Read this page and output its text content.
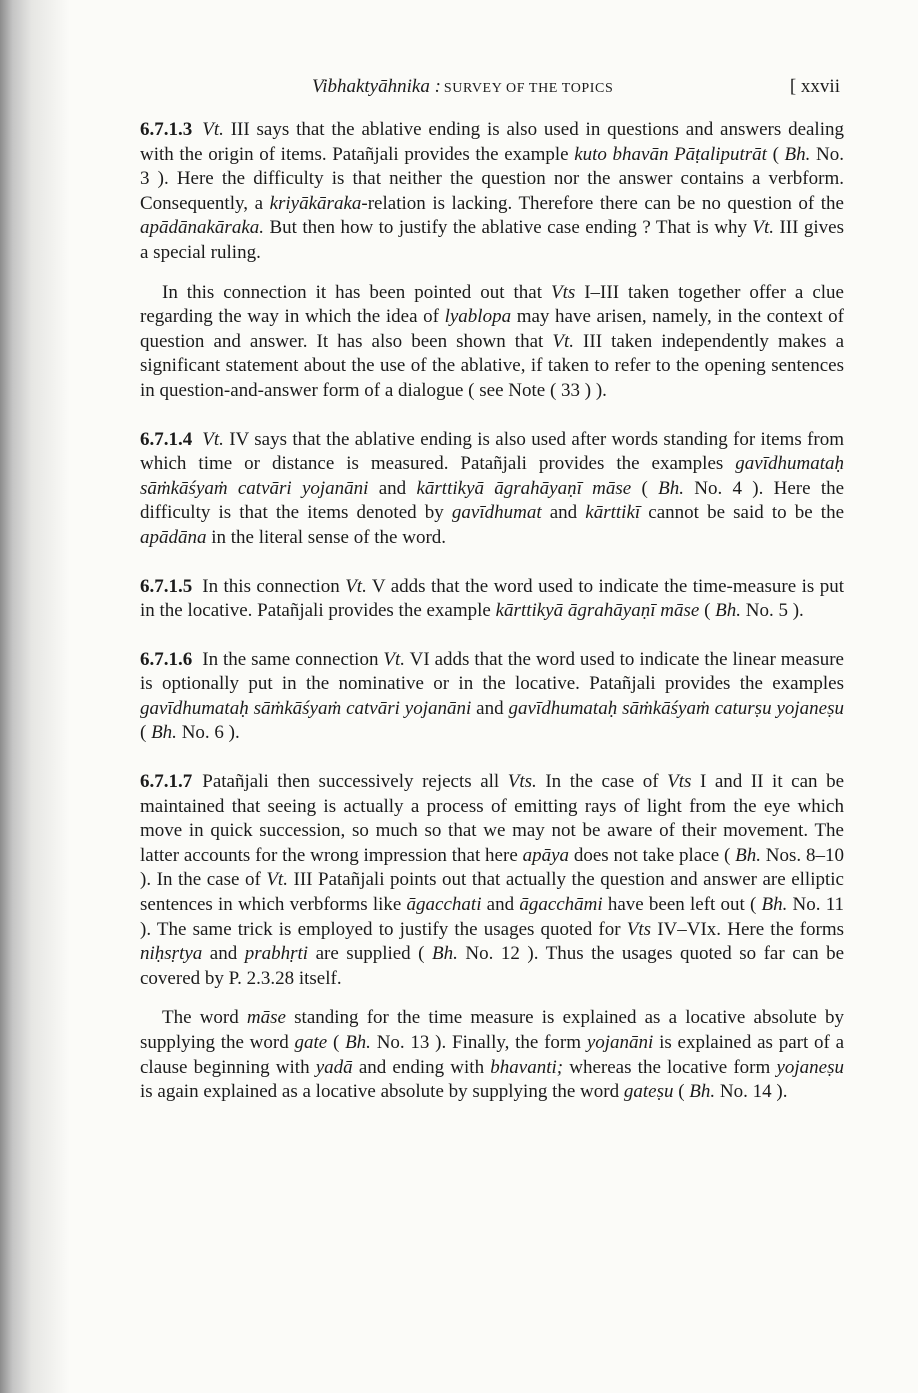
Vibhaktyāhnika : SURVEY OF THE TOPICS	[ xxvii

6.7.1.3 Vt. III says that the ablative ending is also used in questions and answers dealing with the origin of items. Patañjali provides the example kuto bhavān Pāṭaliputrāt ( Bh. No. 3 ). Here the difficulty is that neither the question nor the answer contains a verbform. Consequently, a kriyākāraka-relation is lacking. Therefore there can be no question of the apādānakāraka. But then how to justify the ablative case ending ? That is why Vt. III gives a special ruling.

In this connection it has been pointed out that Vts I–III taken together offer a clue regarding the way in which the idea of lyablopa may have arisen, namely, in the context of question and answer. It has also been shown that Vt. III taken independently makes a significant statement about the use of the ablative, if taken to refer to the opening sentences in question-and-answer form of a dialogue ( see Note ( 33 ) ).

6.7.1.4 Vt. IV says that the ablative ending is also used after words standing for items from which time or distance is measured. Patañjali provides the examples gavīdhumataḥ sāṁkāśyaṁ catvāri yojanāni and kārttikyā āgrahāyaṇī māse ( Bh. No. 4 ). Here the difficulty is that the items denoted by gavīdhumat and kārttikī cannot be said to be the apādāna in the literal sense of the word.

6.7.1.5 In this connection Vt. V adds that the word used to indicate the time-measure is put in the locative. Patañjali provides the example kārttikyā āgrahāyaṇī māse ( Bh. No. 5 ).

6.7.1.6 In the same connection Vt. VI adds that the word used to indicate the linear measure is optionally put in the nominative or in the locative. Patañjali provides the examples gavīdhumataḥ sāṁkāśyaṁ catvāri yojanāni and gavīdhumataḥ sāṁkāśyaṁ caturṣu yojaneṣu ( Bh. No. 6 ).

6.7.1.7 Patañjali then successively rejects all Vts. In the case of Vts I and II it can be maintained that seeing is actually a process of emitting rays of light from the eye which move in quick succession, so much so that we may not be aware of their movement. The latter accounts for the wrong impression that here apāya does not take place ( Bh. Nos. 8–10 ). In the case of Vt. III Patañjali points out that actually the question and answer are elliptic sentences in which verbforms like āgacchati and āgacchāmi have been left out ( Bh. No. 11 ). The same trick is employed to justify the usages quoted for Vts IV–VIx. Here the forms niḥsṛtya and prabhṛti are supplied ( Bh. No. 12 ). Thus the usages quoted so far can be covered by P. 2.3.28 itself.

The word māse standing for the time measure is explained as a locative absolute by supplying the word gate ( Bh. No. 13 ). Finally, the form yojanāni is explained as part of a clause beginning with yadā and ending with bhavanti; whereas the locative form yojaneṣu is again explained as a locative absolute by supplying the word gateṣu ( Bh. No. 14 ).
